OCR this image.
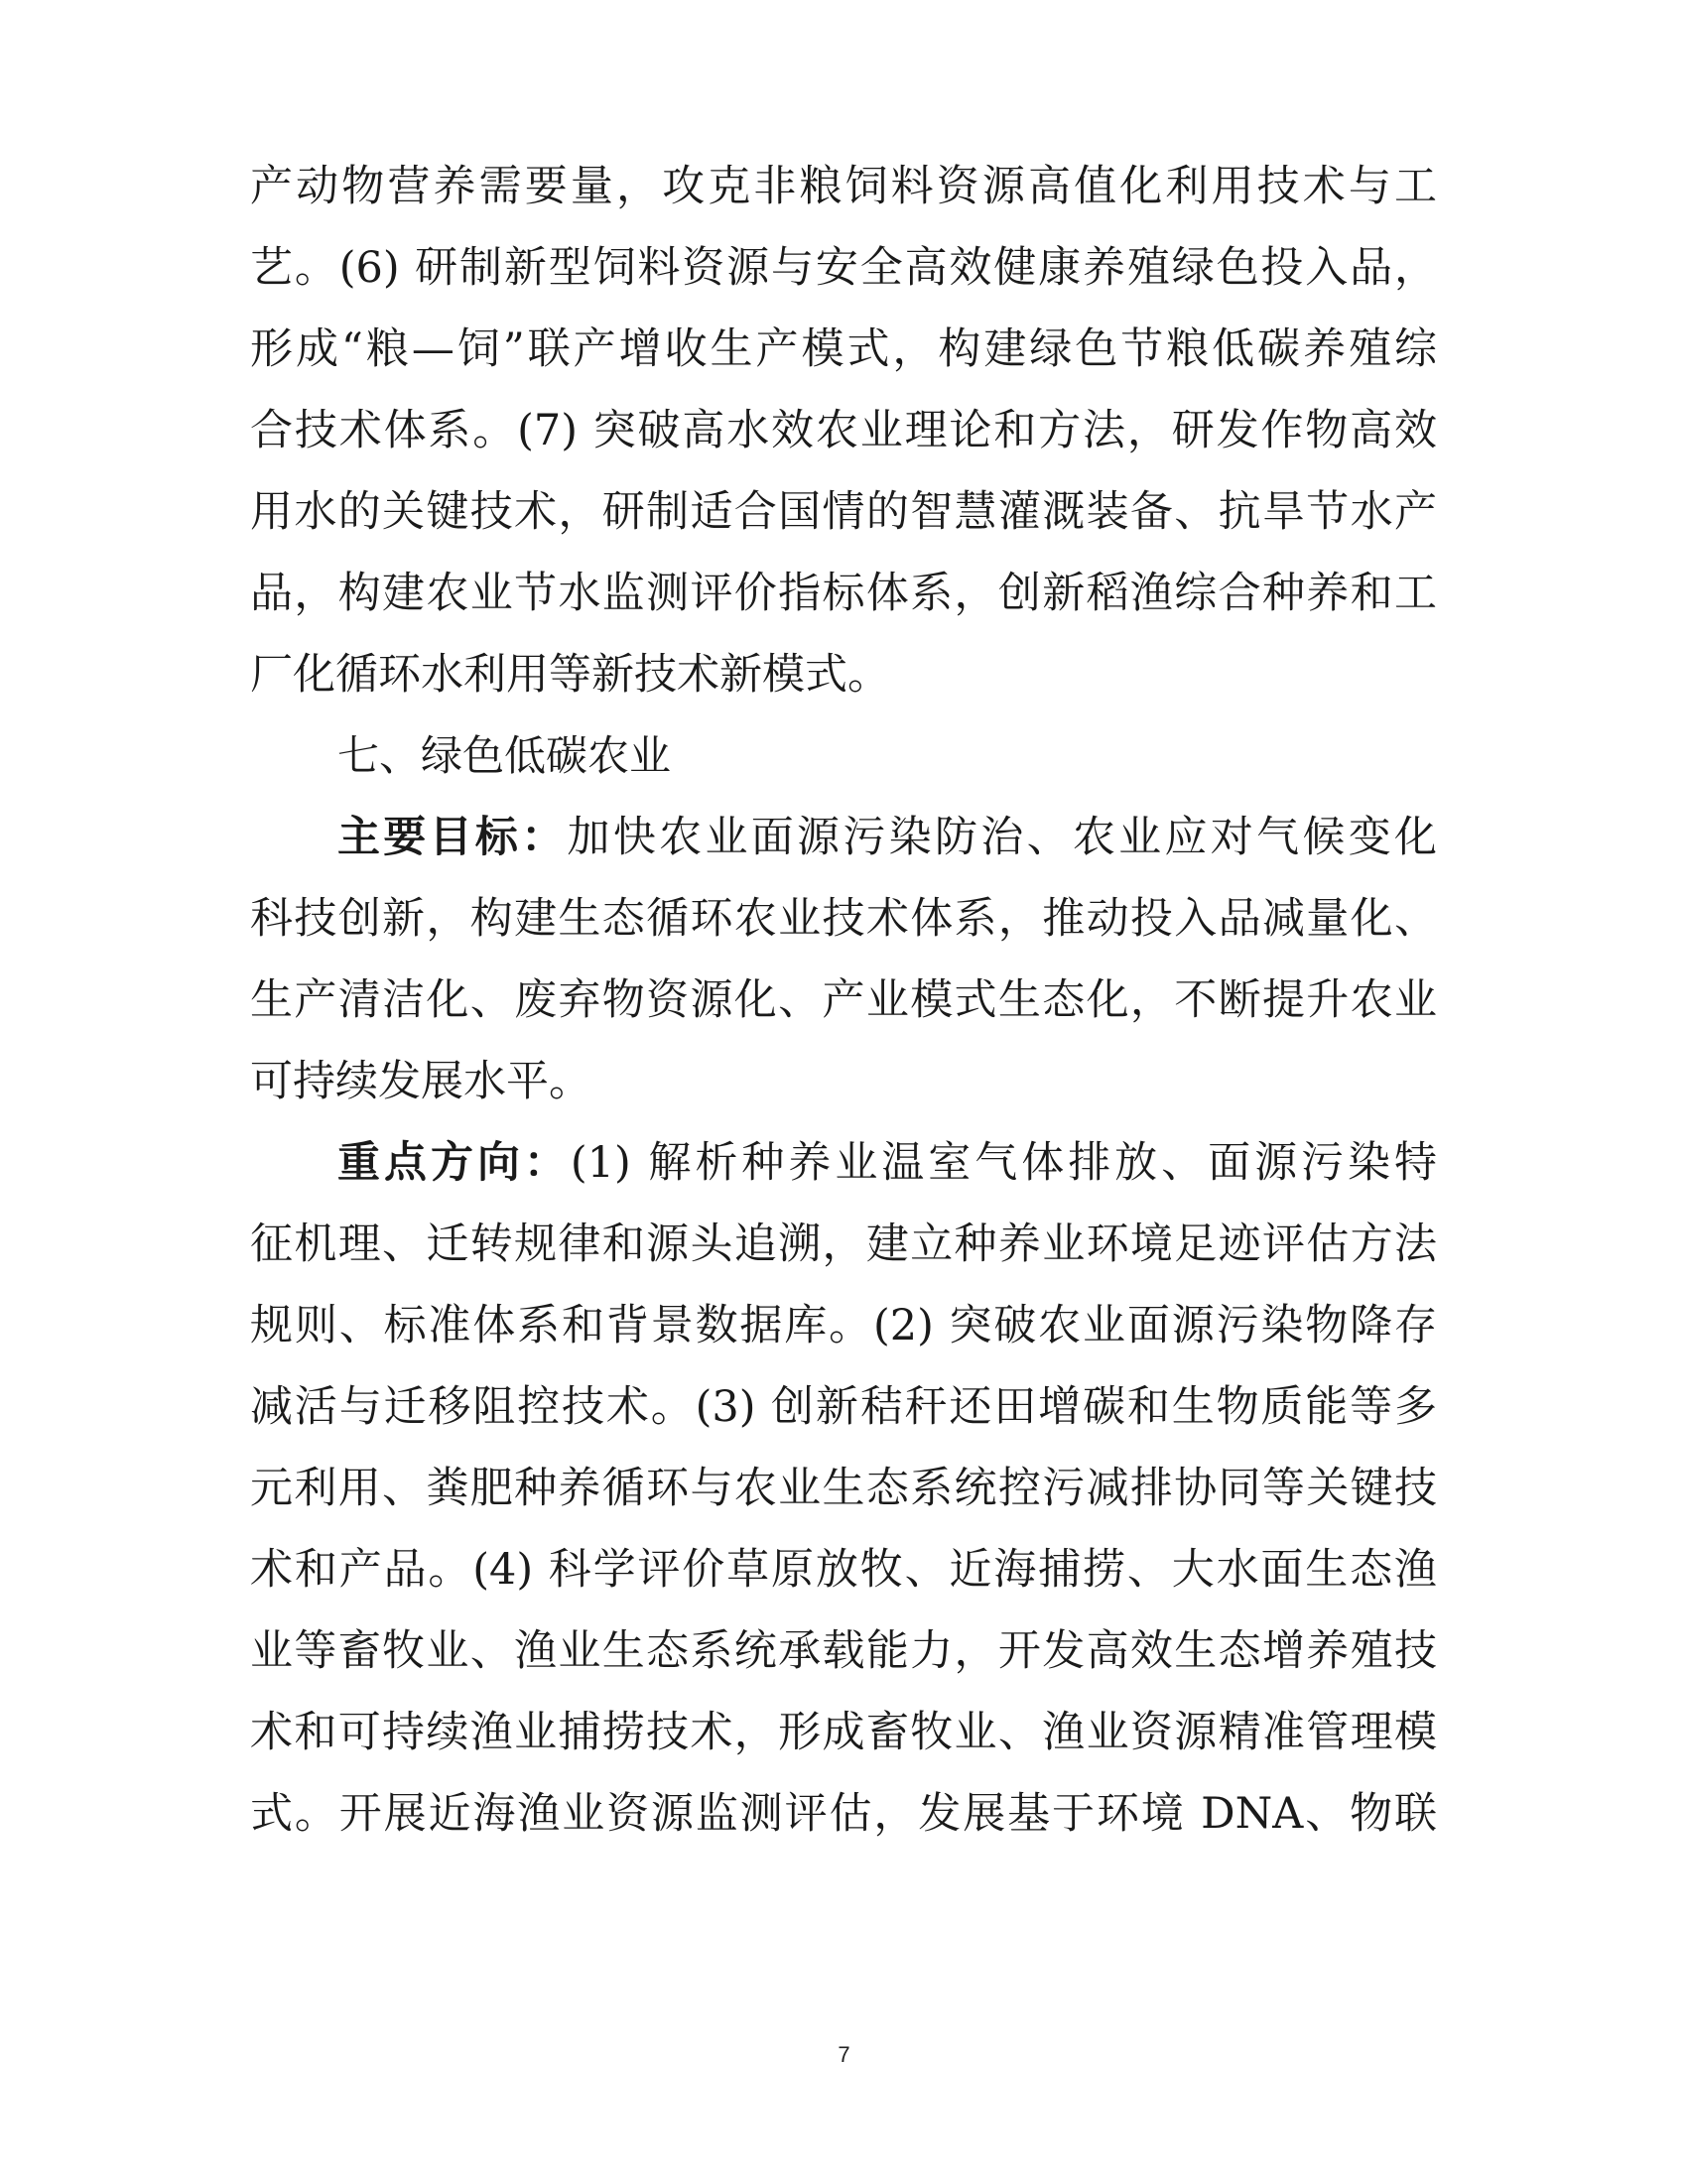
产动物营养需要量，攻克非粮饲料资源高值化利用技术与工
艺。(6) 研制新型饲料资源与安全高效健康养殖绿色投入品，
形成“粮—饲”联产增收生产模式，构建绿色节粮低碳养殖综
合技术体系。(7) 突破高水效农业理论和方法，研发作物高效
用水的关键技术，研制适合国情的智慧灌溉装备、抗旱节水产
品，构建农业节水监测评价指标体系，创新稻渔综合种养和工
厂化循环水利用等新技术新模式。
七、绿色低碳农业
主要目标：加快农业面源污染防治、农业应对气候变化
科技创新，构建生态循环农业技术体系，推动投入品减量化、
生产清洁化、废弃物资源化、产业模式生态化，不断提升农业
可持续发展水平。
重点方向：(1) 解析种养业温室气体排放、面源污染特
征机理、迁转规律和源头追溯，建立种养业环境足迹评估方法
规则、标准体系和背景数据库。(2) 突破农业面源污染物降存
减活与迁移阻控技术。(3) 创新秸秆还田增碳和生物质能等多
元利用、粪肥种养循环与农业生态系统控污减排协同等关键技
术和产品。(4) 科学评价草原放牧、近海捕捞、大水面生态渔
业等畜牧业、渔业生态系统承载能力，开发高效生态增养殖技
术和可持续渔业捕捞技术，形成畜牧业、渔业资源精准管理模
式。开展近海渔业资源监测评估，发展基于环境 DNA、物联
7
